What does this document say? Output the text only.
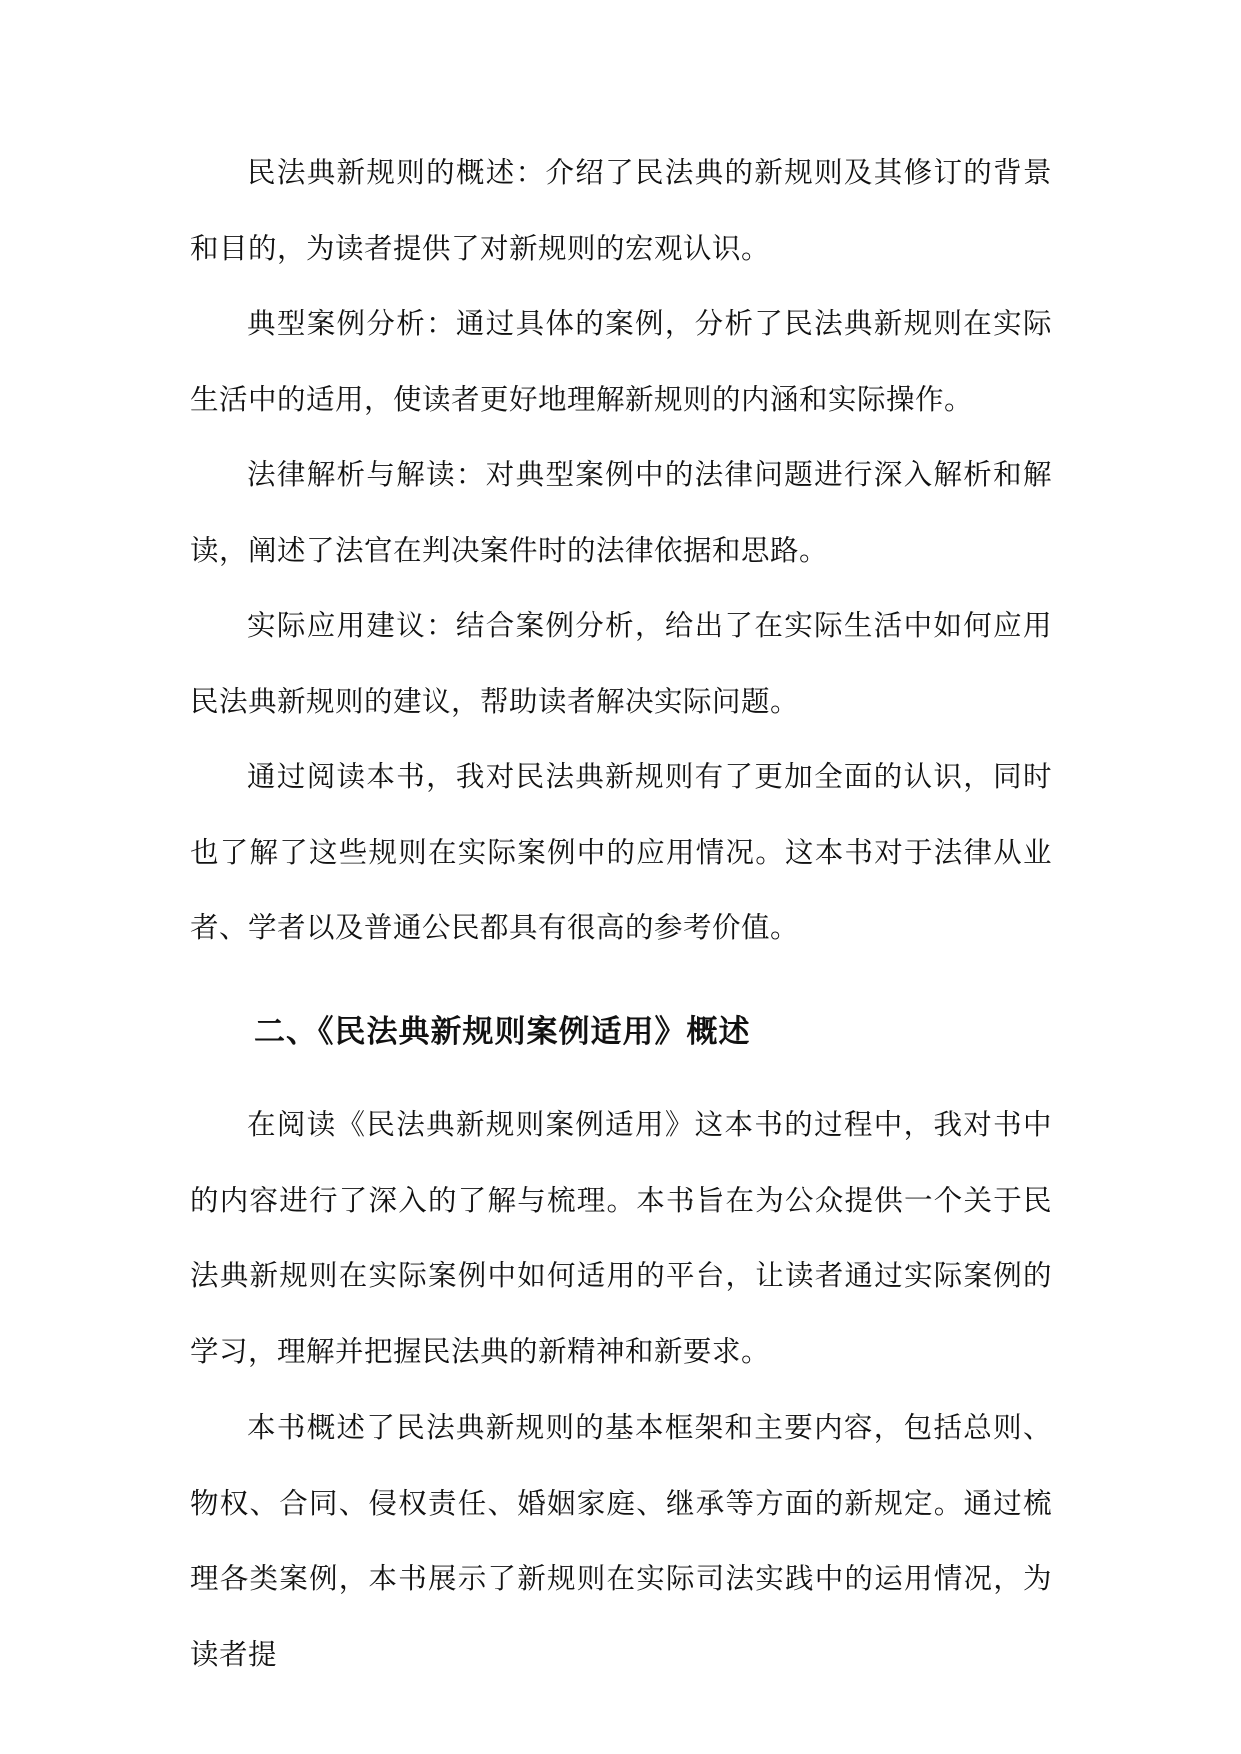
民法典新规则的概述：介绍了民法典的新规则及其修订的背景和目的，为读者提供了对新规则的宏观认识。

典型案例分析：通过具体的案例，分析了民法典新规则在实际生活中的适用，使读者更好地理解新规则的内涵和实际操作。

法律解析与解读：对典型案例中的法律问题进行深入解析和解读，阐述了法官在判决案件时的法律依据和思路。

实际应用建议：结合案例分析，给出了在实际生活中如何应用民法典新规则的建议，帮助读者解决实际问题。

通过阅读本书，我对民法典新规则有了更加全面的认识，同时也了解了这些规则在实际案例中的应用情况。这本书对于法律从业者、学者以及普通公民都具有很高的参考价值。

二、《民法典新规则案例适用》概述

在阅读《民法典新规则案例适用》这本书的过程中，我对书中的内容进行了深入的了解与梳理。本书旨在为公众提供一个关于民法典新规则在实际案例中如何适用的平台，让读者通过实际案例的学习，理解并把握民法典的新精神和新要求。

本书概述了民法典新规则的基本框架和主要内容，包括总则、物权、合同、侵权责任、婚姻家庭、继承等方面的新规定。通过梳理各类案例，本书展示了新规则在实际司法实践中的运用情况，为读者提
